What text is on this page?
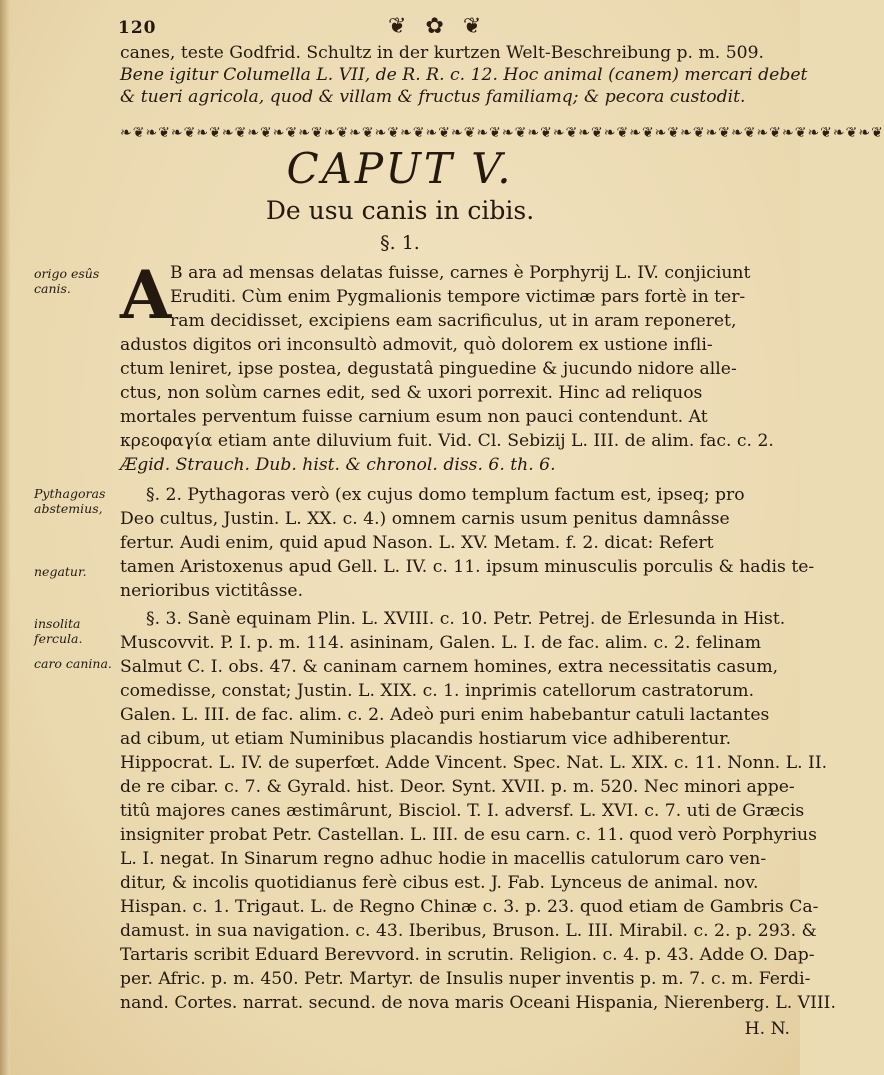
120	❦ ✿ ❦
canes, teste Godfrid. Schultz in der kurtzen Welt-Beschreibung p. m. 509.
Bene igitur Columella L. VII, de R. R. c. 12. Hoc animal (canem) mercari debet
& tueri agricola, quod & villam & fructus familiamq; & pecora custodit.
❧❦❧❦❧❦❧❦❧❦❧❦❧❦❧❦❧❦❧❦❧❦❧❦❧❦❧❦❧❦❧❦❧❦❧❦❧❦❧❦❧❦❧❦❧❦❧❦❧❦❧❦❧❦❧❦❧❦❧❦
CAPUT V.
De usu canis in cibis.
§. 1.
A
origo esûs canis.
Pythagoras abstemius,
negatur.
insolita fercula.
caro canina.
B ara ad mensas delatas fuisse, carnes è Porphyrij L. IV. conjiciunt
Eruditi. Cùm enim Pygmalionis tempore victimæ pars fortè in ter-
ram decidisset, excipiens eam sacrificulus, ut in aram reponeret,
adustos digitos ori inconsultò admovit, quò dolorem ex ustione infli-
ctum leniret, ipse postea, degustatâ pinguedine & jucundo nidore alle-
ctus, non solùm carnes edit, sed & uxori porrexit. Hinc ad reliquos
mortales perventum fuisse carnium esum non pauci contendunt. At
κρεοφαγία etiam ante diluvium fuit. Vid. Cl. Sebizij L. III. de alim. fac. c. 2.
Ægid. Strauch. Dub. hist. & chronol. diss. 6. th. 6.
§. 2. Pythagoras verò (ex cujus domo templum factum est, ipseq; pro
Deo cultus, Justin. L. XX. c. 4.) omnem carnis usum penitus damnâsse
fertur. Audi enim, quid apud Nason. L. XV. Metam. f. 2. dicat: Refert
tamen Aristoxenus apud Gell. L. IV. c. 11. ipsum minusculis porculis & hadis te-
nerioribus victitâsse.
§. 3. Sanè equinam Plin. L. XVIII. c. 10. Petr. Petrej. de Erlesunda in Hist.
Muscovvit. P. I. p. m. 114. asininam, Galen. L. I. de fac. alim. c. 2. felinam
Salmut C. I. obs. 47. & caninam carnem homines, extra necessitatis casum,
comedisse, constat; Justin. L. XIX. c. 1. inprimis catellorum castratorum.
Galen. L. III. de fac. alim. c. 2. Adeò puri enim habebantur catuli lactantes
ad cibum, ut etiam Numinibus placandis hostiarum vice adhiberentur.
Hippocrat. L. IV. de superfœt. Adde Vincent. Spec. Nat. L. XIX. c. 11. Nonn. L. II.
de re cibar. c. 7. & Gyrald. hist. Deor. Synt. XVII. p. m. 520. Nec minori appe-
titû majores canes æstimârunt, Bisciol. T. I. adversf. L. XVI. c. 7. uti de Græcis
insigniter probat Petr. Castellan. L. III. de esu carn. c. 11. quod verò Porphyrius
L. I. negat. In Sinarum regno adhuc hodie in macellis catulorum caro ven-
ditur, & incolis quotidianus ferè cibus est. J. Fab. Lynceus de animal. nov.
Hispan. c. 1. Trigaut. L. de Regno Chinæ c. 3. p. 23. quod etiam de Gambris Ca-
damust. in sua navigation. c. 43. Iberibus, Bruson. L. III. Mirabil. c. 2. p. 293. &
Tartaris scribit Eduard Berevvord. in scrutin. Religion. c. 4. p. 43. Adde O. Dap-
per. Afric. p. m. 450. Petr. Martyr. de Insulis nuper inventis p. m. 7. c. m. Ferdi-
nand. Cortes. narrat. secund. de nova maris Oceani Hispania, Nierenberg. L. VIII.
H. N.
